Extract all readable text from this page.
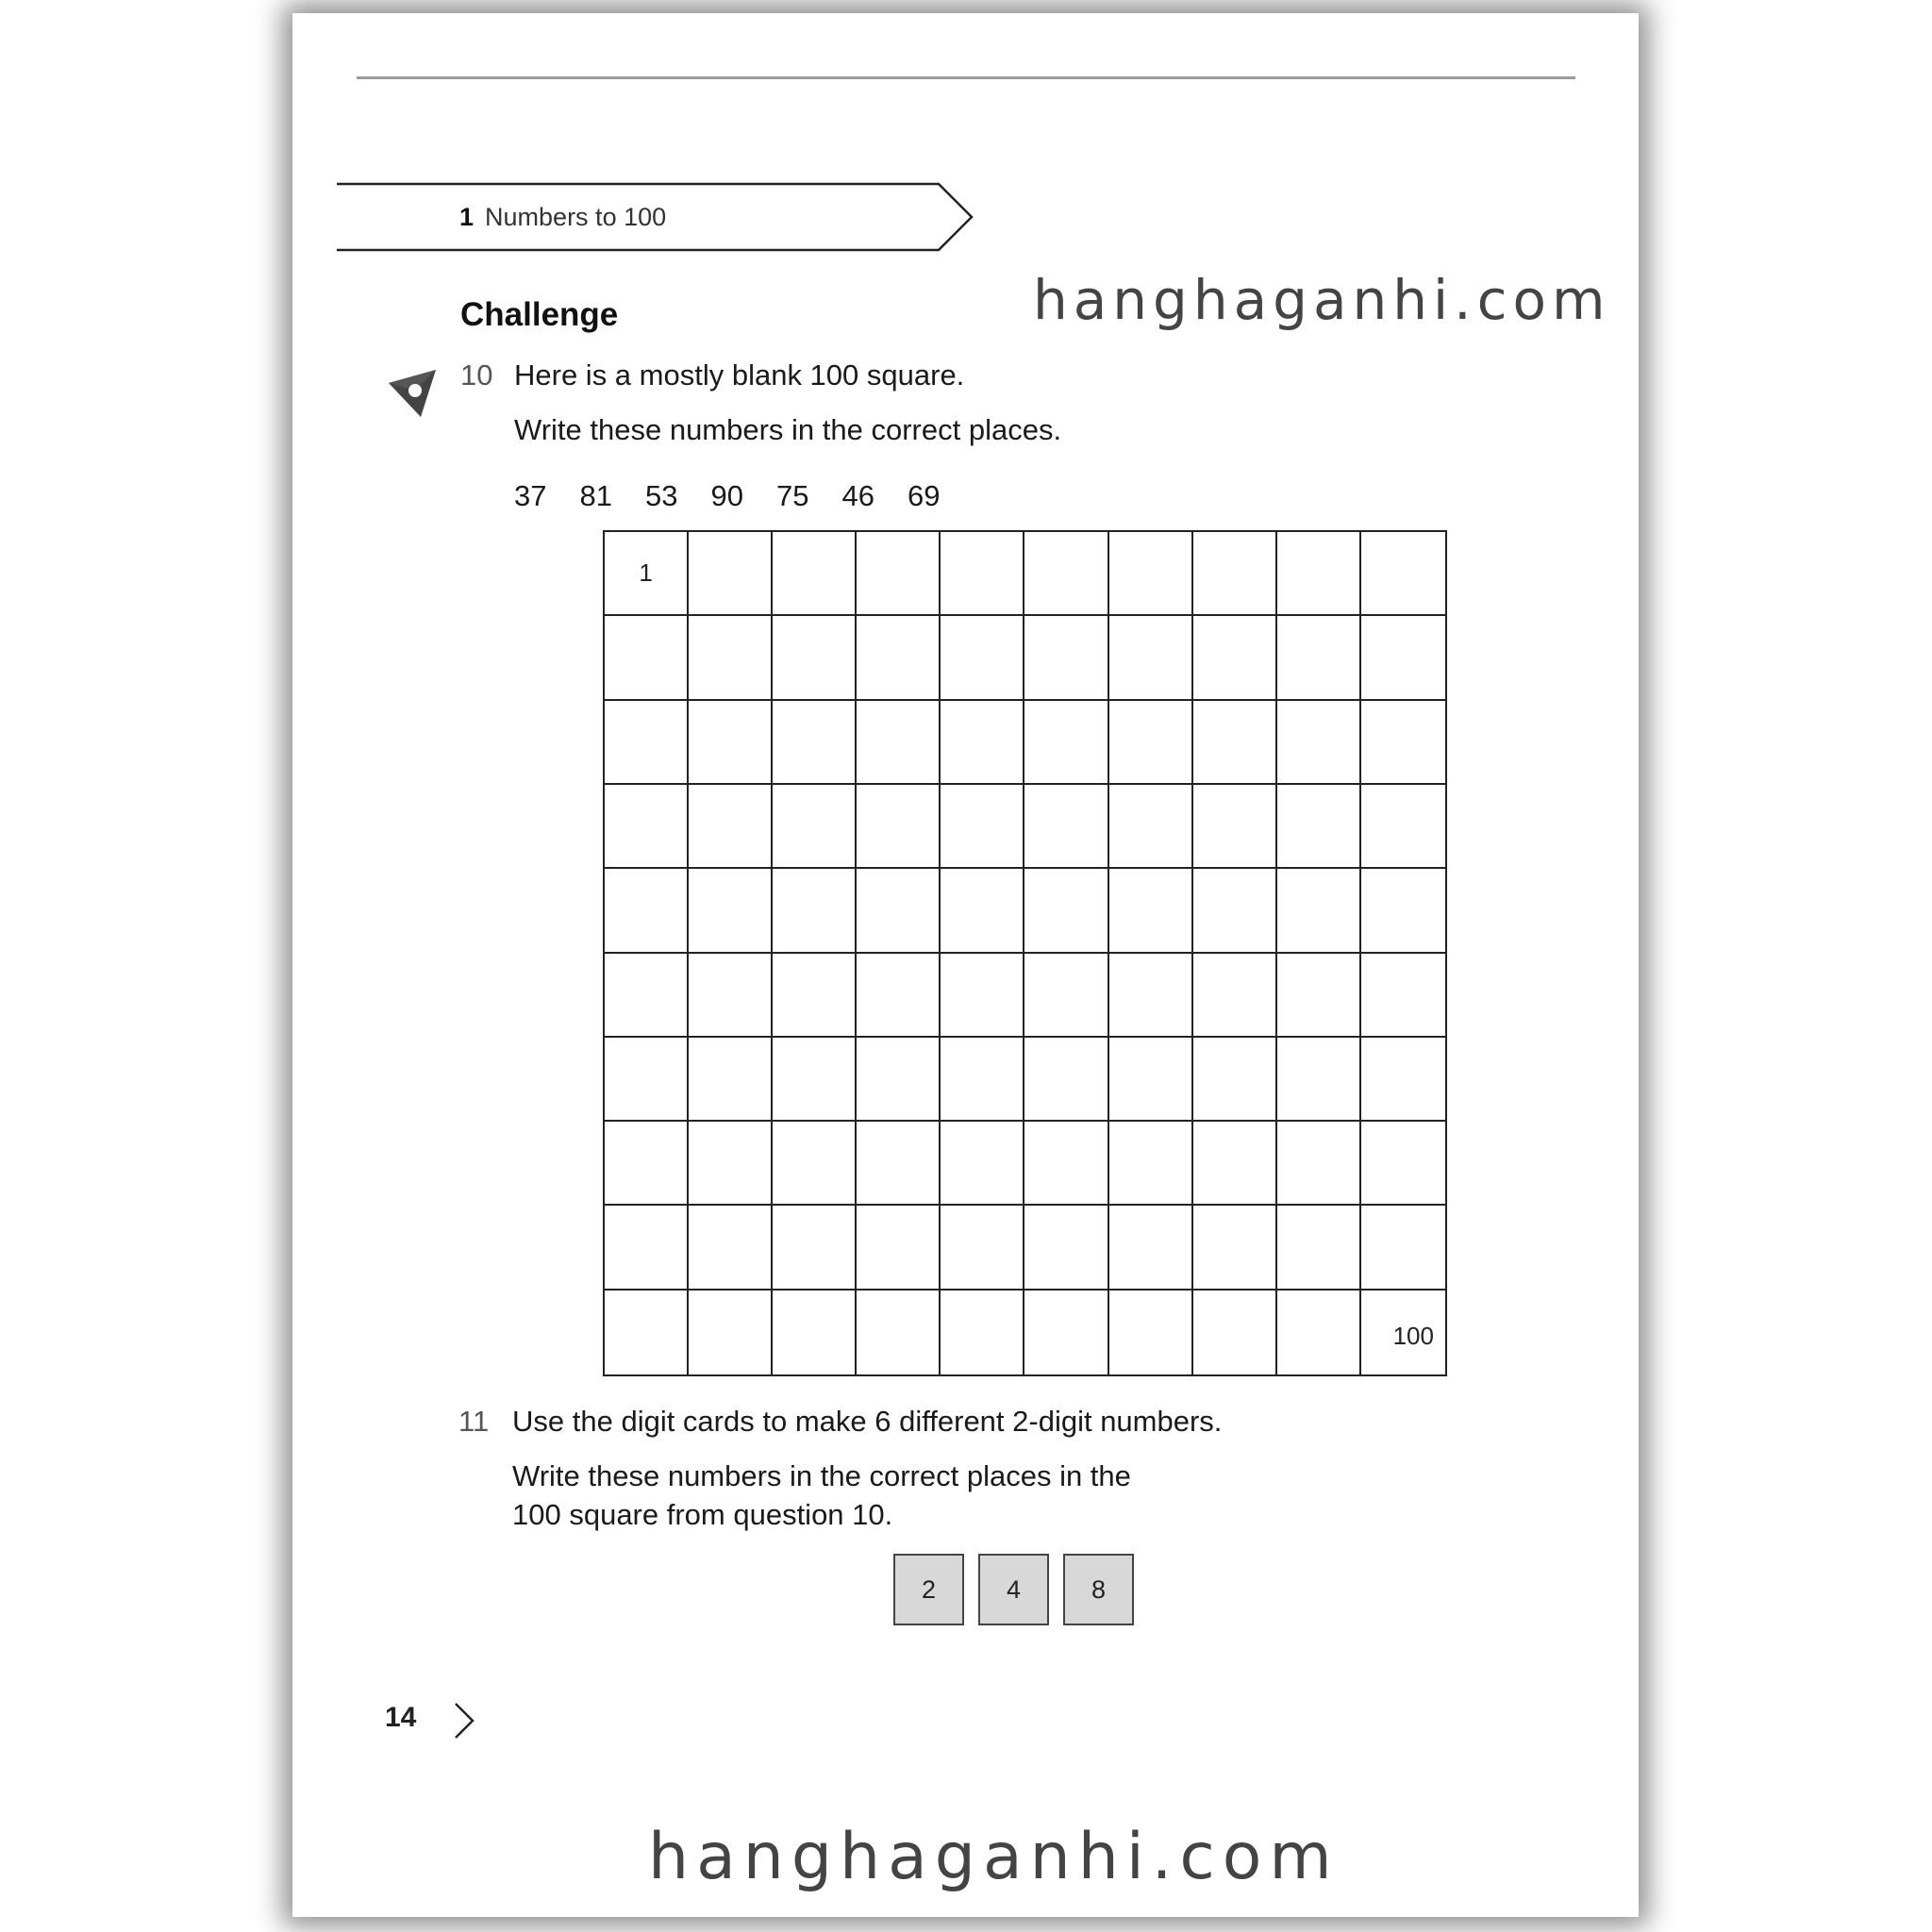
1 Numbers to 100
hanghaganhi.com
Challenge
10 Here is a mostly blank 100 square.
Write these numbers in the correct places.
37	81	53	90	75	46	69
1
100
11 Use the digit cards to make 6 different 2-digit numbers.
Write these numbers in the correct places in the
100 square from question 10.
2	4	8
14
hanghaganhi.com
